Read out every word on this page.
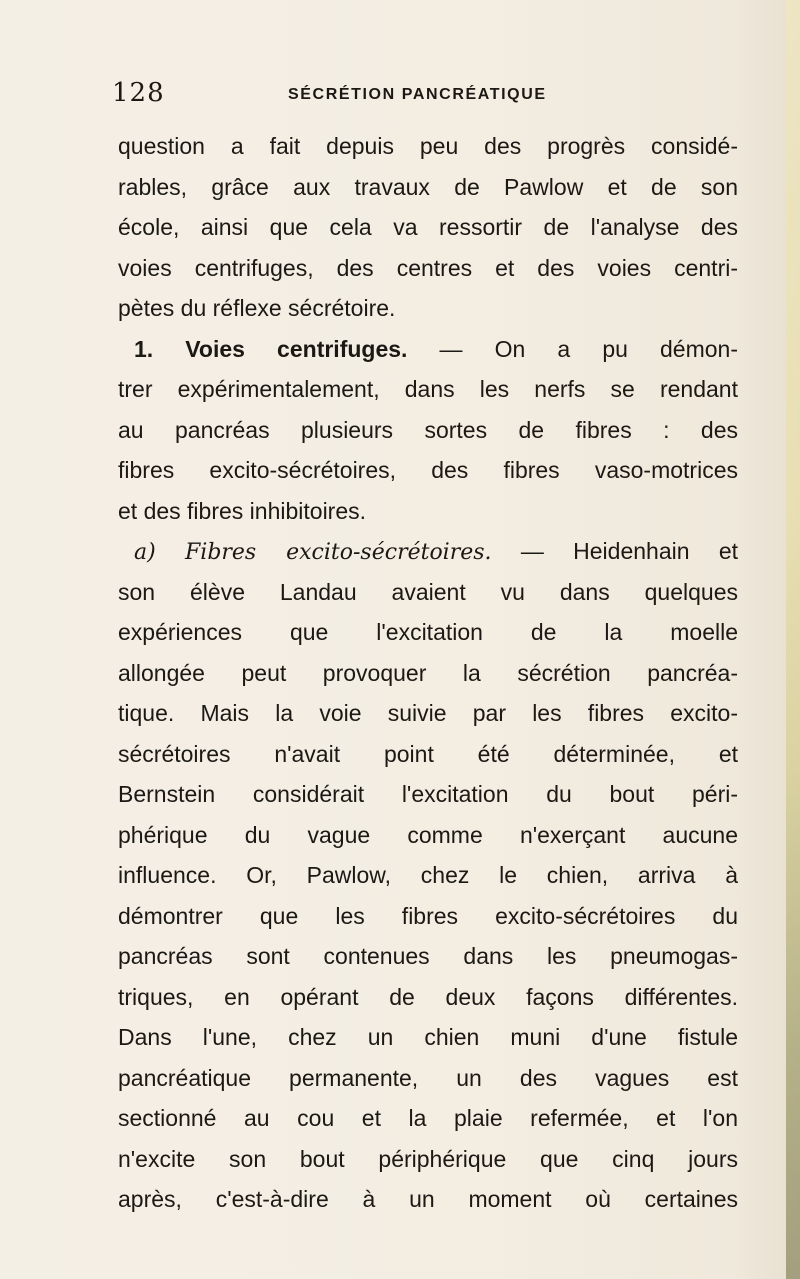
128	SÉCRÉTION PANCRÉATIQUE
question a fait depuis peu des progrès considé-
rables, grâce aux travaux de Pawlow et de son
école, ainsi que cela va ressortir de l'analyse des
voies centrifuges, des centres et des voies centri-
pètes du réflexe sécrétoire.
1. Voies centrifuges. — On a pu démon-
trer expérimentalement, dans les nerfs se rendant
au pancréas plusieurs sortes de fibres : des
fibres excito-sécrétoires, des fibres vaso-motrices
et des fibres inhibitoires.
a) Fibres excito-sécrétoires. — Heidenhain et
son élève Landau avaient vu dans quelques
expériences que l'excitation de la moelle
allongée peut provoquer la sécrétion pancréa-
tique. Mais la voie suivie par les fibres excito-
sécrétoires n'avait point été déterminée, et
Bernstein considérait l'excitation du bout péri-
phérique du vague comme n'exerçant aucune
influence. Or, Pawlow, chez le chien, arriva à
démontrer que les fibres excito-sécrétoires du
pancréas sont contenues dans les pneumogas-
triques, en opérant de deux façons différentes.
Dans l'une, chez un chien muni d'une fistule
pancréatique permanente, un des vagues est
sectionné au cou et la plaie refermée, et l'on
n'excite son bout périphérique que cinq jours
après, c'est-à-dire à un moment où certaines
